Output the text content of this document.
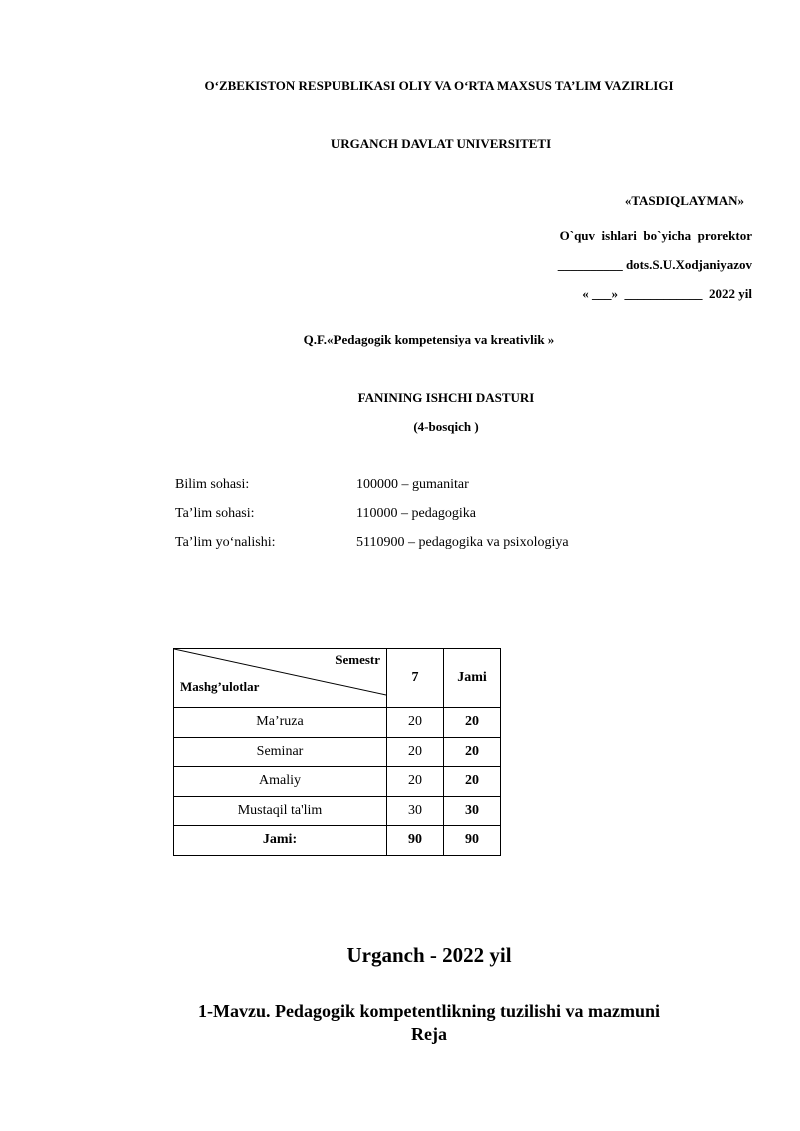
O‘ZBEKISTON RESPUBLIKASI OLIY VA O‘RTA MAXSUS TA’LIM VAZIRLIGI
URGANCH DAVLAT UNIVERSITETI
«TASDIQLAYMAN»
O`quv  ishlari  bo`yicha  prorektor
__________ dots.S.U.Xodjaniyazov
« ___»  ____________  2022 yil
Q.F.«Pedagogik kompetensiya va kreativlik »
FANINING ISHCHI DASTURI
(4-bosqich )
Bilim sohasi:	100000 – gumanitar
Ta’lim sohasi:	110000 – pedagogika
Ta’lim yo‘nalishi:	5110900 – pedagogika va psixologiya
Semestr
Mashg’ulotlar	7	Jami
Ma’ruza	20	20
Seminar	20	20
Amaliy	20	20
Mustaqil ta'lim	30	30
Jami:	90	90
Urganch - 2022 yil
1-Mavzu. Pedagogik kompetentlikning tuzilishi va mazmuni
Reja
